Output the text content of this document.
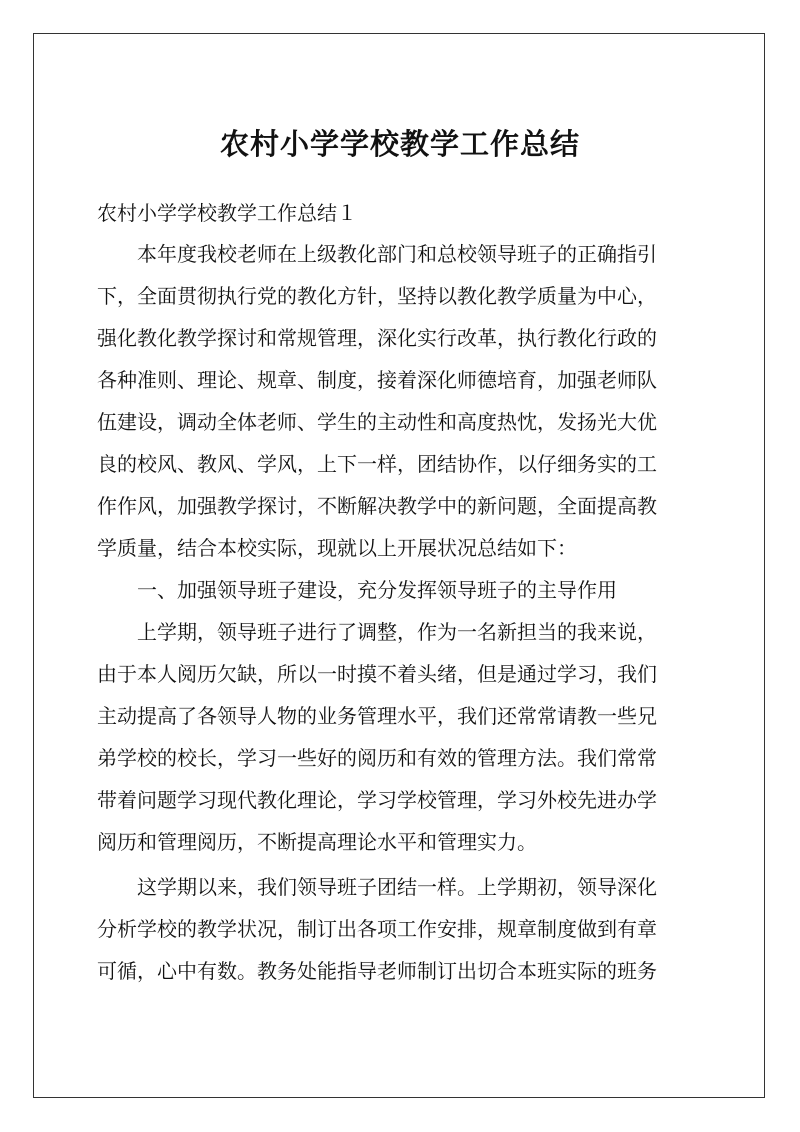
农村小学学校教学工作总结

农村小学学校教学工作总结１

　　本年度我校老师在上级教化部门和总校领导班子的正确指引

下，全面贯彻执行党的教化方针，坚持以教化教学质量为中心，

强化教化教学探讨和常规管理，深化实行改革，执行教化行政的

各种准则、理论、规章、制度，接着深化师德培育，加强老师队

伍建设，调动全体老师、学生的主动性和高度热忱，发扬光大优

良的校风、教风、学风，上下一样，团结协作，以仔细务实的工

作作风，加强教学探讨，不断解决教学中的新问题，全面提高教

学质量，结合本校实际，现就以上开展状况总结如下：

　　一、加强领导班子建设，充分发挥领导班子的主导作用

　　上学期，领导班子进行了调整，作为一名新担当的我来说，

由于本人阅历欠缺，所以一时摸不着头绪，但是通过学习，我们

主动提高了各领导人物的业务管理水平，我们还常常请教一些兄

弟学校的校长，学习一些好的阅历和有效的管理方法。我们常常

带着问题学习现代教化理论，学习学校管理，学习外校先进办学

阅历和管理阅历，不断提高理论水平和管理实力。

　　这学期以来，我们领导班子团结一样。上学期初，领导深化

分析学校的教学状况，制订出各项工作安排，规章制度做到有章

可循，心中有数。教务处能指导老师制订出切合本班实际的班务
